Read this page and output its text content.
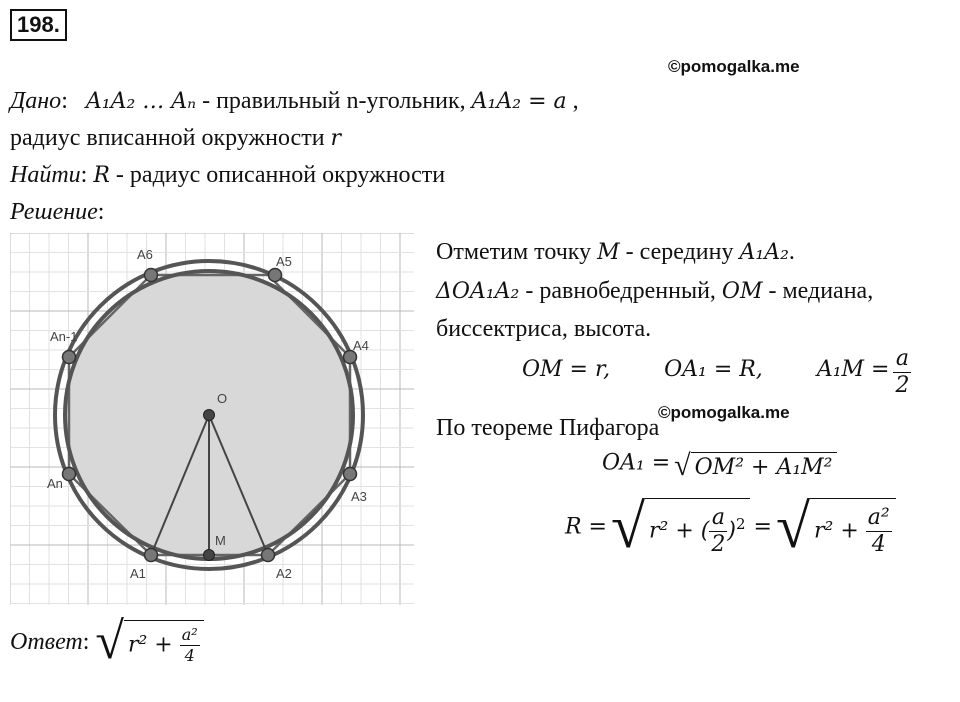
198.
©pomogalka.me
Дано:   A₁A₂ … Aₙ - правильный n-угольник, A₁A₂ = a ,
радиус вписанной окружности r
Найти: R - радиус описанной окружности
Решение:
A1	A2
A3
A4
A5
A6
An-1
An
O
M
Отметим точку M - середину A₁A₂.
ΔOA₁A₂ - равнобедренный, OM - медиана,
биссектриса, высота.
OM = r, OA₁ = R, $A_1M = \frac{a}{2}$
©pomogalka.me
По теореме Пифагора
OA₁ = √ OM² + A₁M²
R = √ r² + ( $\frac{a}{2} )^2$ = √ $r^2 + \frac{\text{a²}}{4}$
Ответ: √ $r^2 + \frac{\text{a²}}{4}$
